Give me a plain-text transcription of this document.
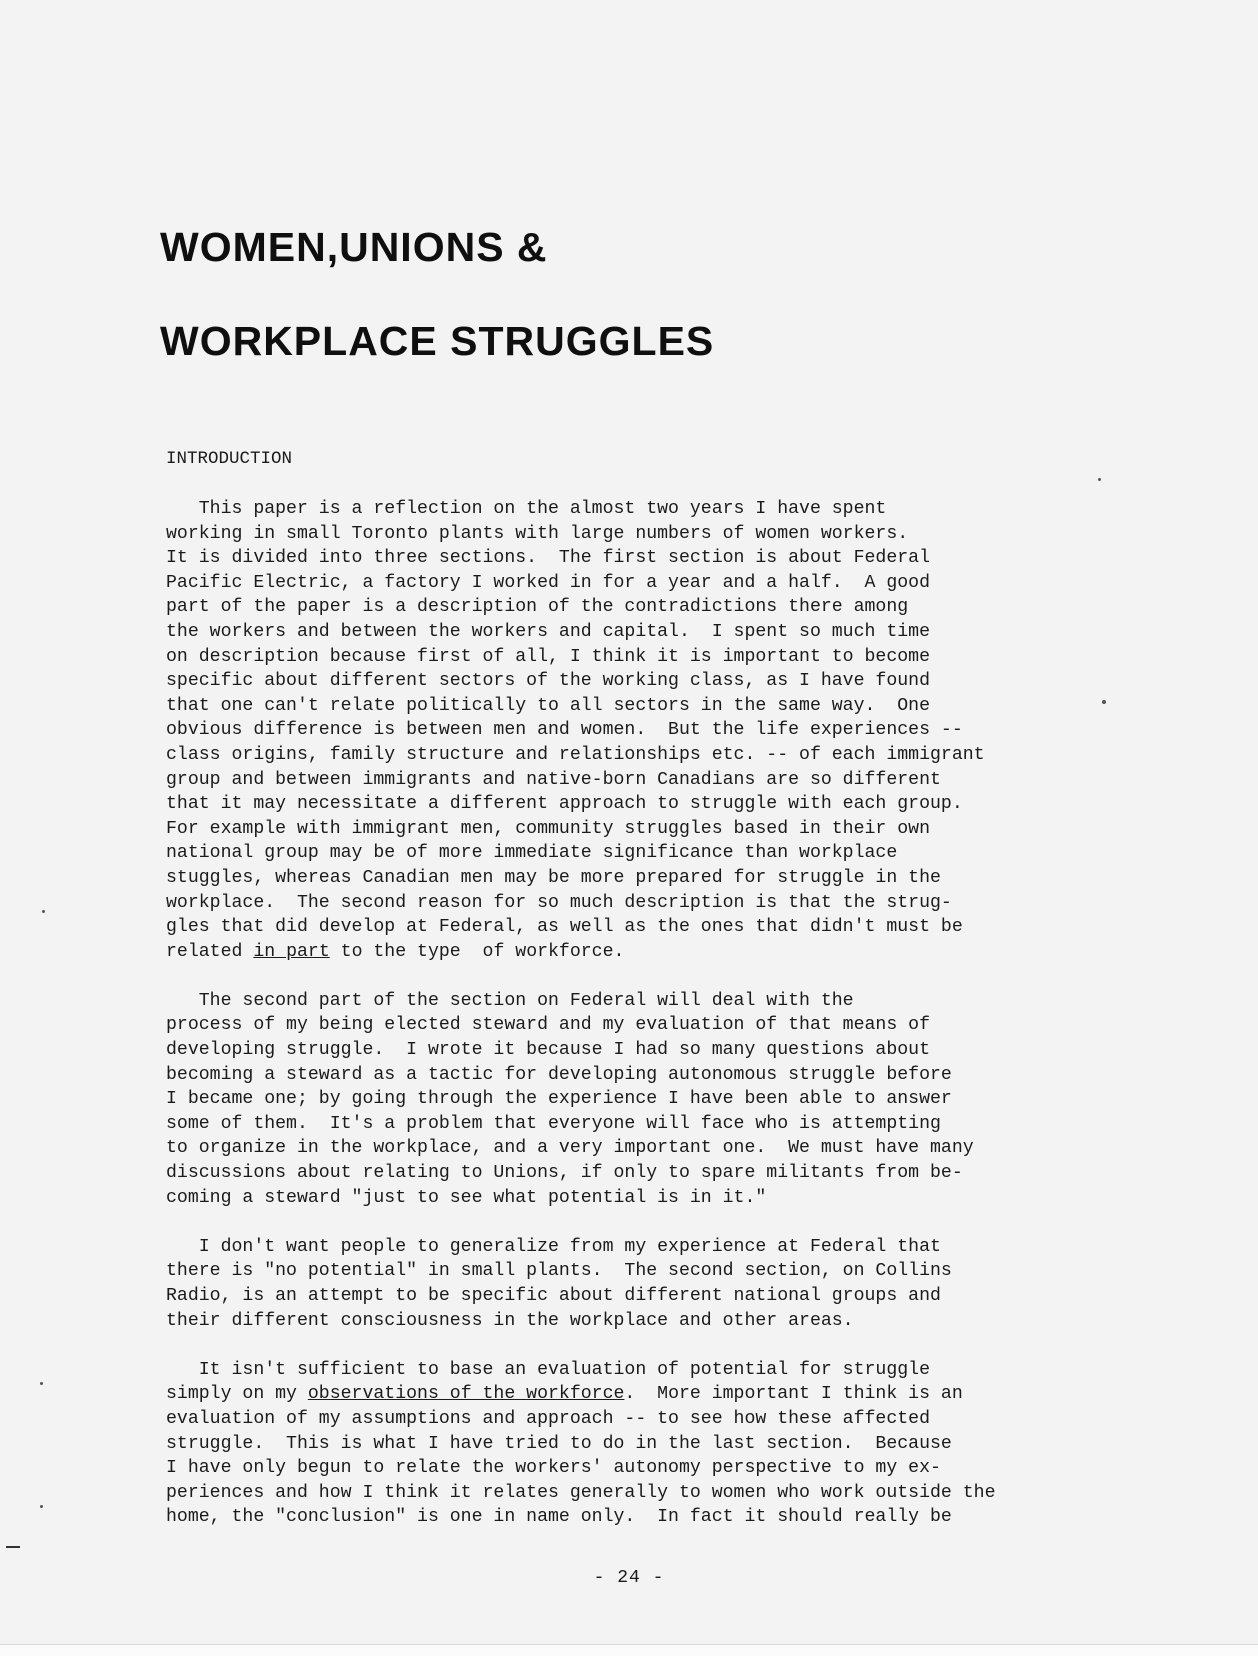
WOMEN,UNIONS &
WORKPLACE STRUGGLES
INTRODUCTION

This paper is a reflection on the almost two years I have spent
working in small Toronto plants with large numbers of women workers.
It is divided into three sections.  The first section is about Federal
Pacific Electric, a factory I worked in for a year and a half.  A good
part of the paper is a description of the contradictions there among
the workers and between the workers and capital.  I spent so much time
on description because first of all, I think it is important to become
specific about different sectors of the working class, as I have found
that one can't relate politically to all sectors in the same way.  One
obvious difference is between men and women.  But the life experiences --
class origins, family structure and relationships etc. -- of each immigrant
group and between immigrants and native-born Canadians are so different
that it may necessitate a different approach to struggle with each group.
For example with immigrant men, community struggles based in their own
national group may be of more immediate significance than workplace
stuggles, whereas Canadian men may be more prepared for struggle in the
workplace.  The second reason for so much description is that the strug-
gles that did develop at Federal, as well as the ones that didn't must be

related in part to the type  of workforce.

The second part of the section on Federal will deal with the
process of my being elected steward and my evaluation of that means of
developing struggle.  I wrote it because I had so many questions about
becoming a steward as a tactic for developing autonomous struggle before
I became one; by going through the experience I have been able to answer
some of them.  It's a problem that everyone will face who is attempting
to organize in the workplace, and a very important one.  We must have many
discussions about relating to Unions, if only to spare militants from be-
coming a steward "just to see what potential is in it."

I don't want people to generalize from my experience at Federal that
there is "no potential" in small plants.  The second section, on Collins
Radio, is an attempt to be specific about different national groups and
their different consciousness in the workplace and other areas.

It isn't sufficient to base an evaluation of potential for struggle
simply on my observations of the workforce.  More important I think is an

evaluation of my assumptions and approach -- to see how these affected
struggle.  This is what I have tried to do in the last section.  Because
I have only begun to relate the workers' autonomy perspective to my ex-
periences and how I think it relates generally to women who work outside the
home, the "conclusion" is one in name only.  In fact it should really be

- 24 -
